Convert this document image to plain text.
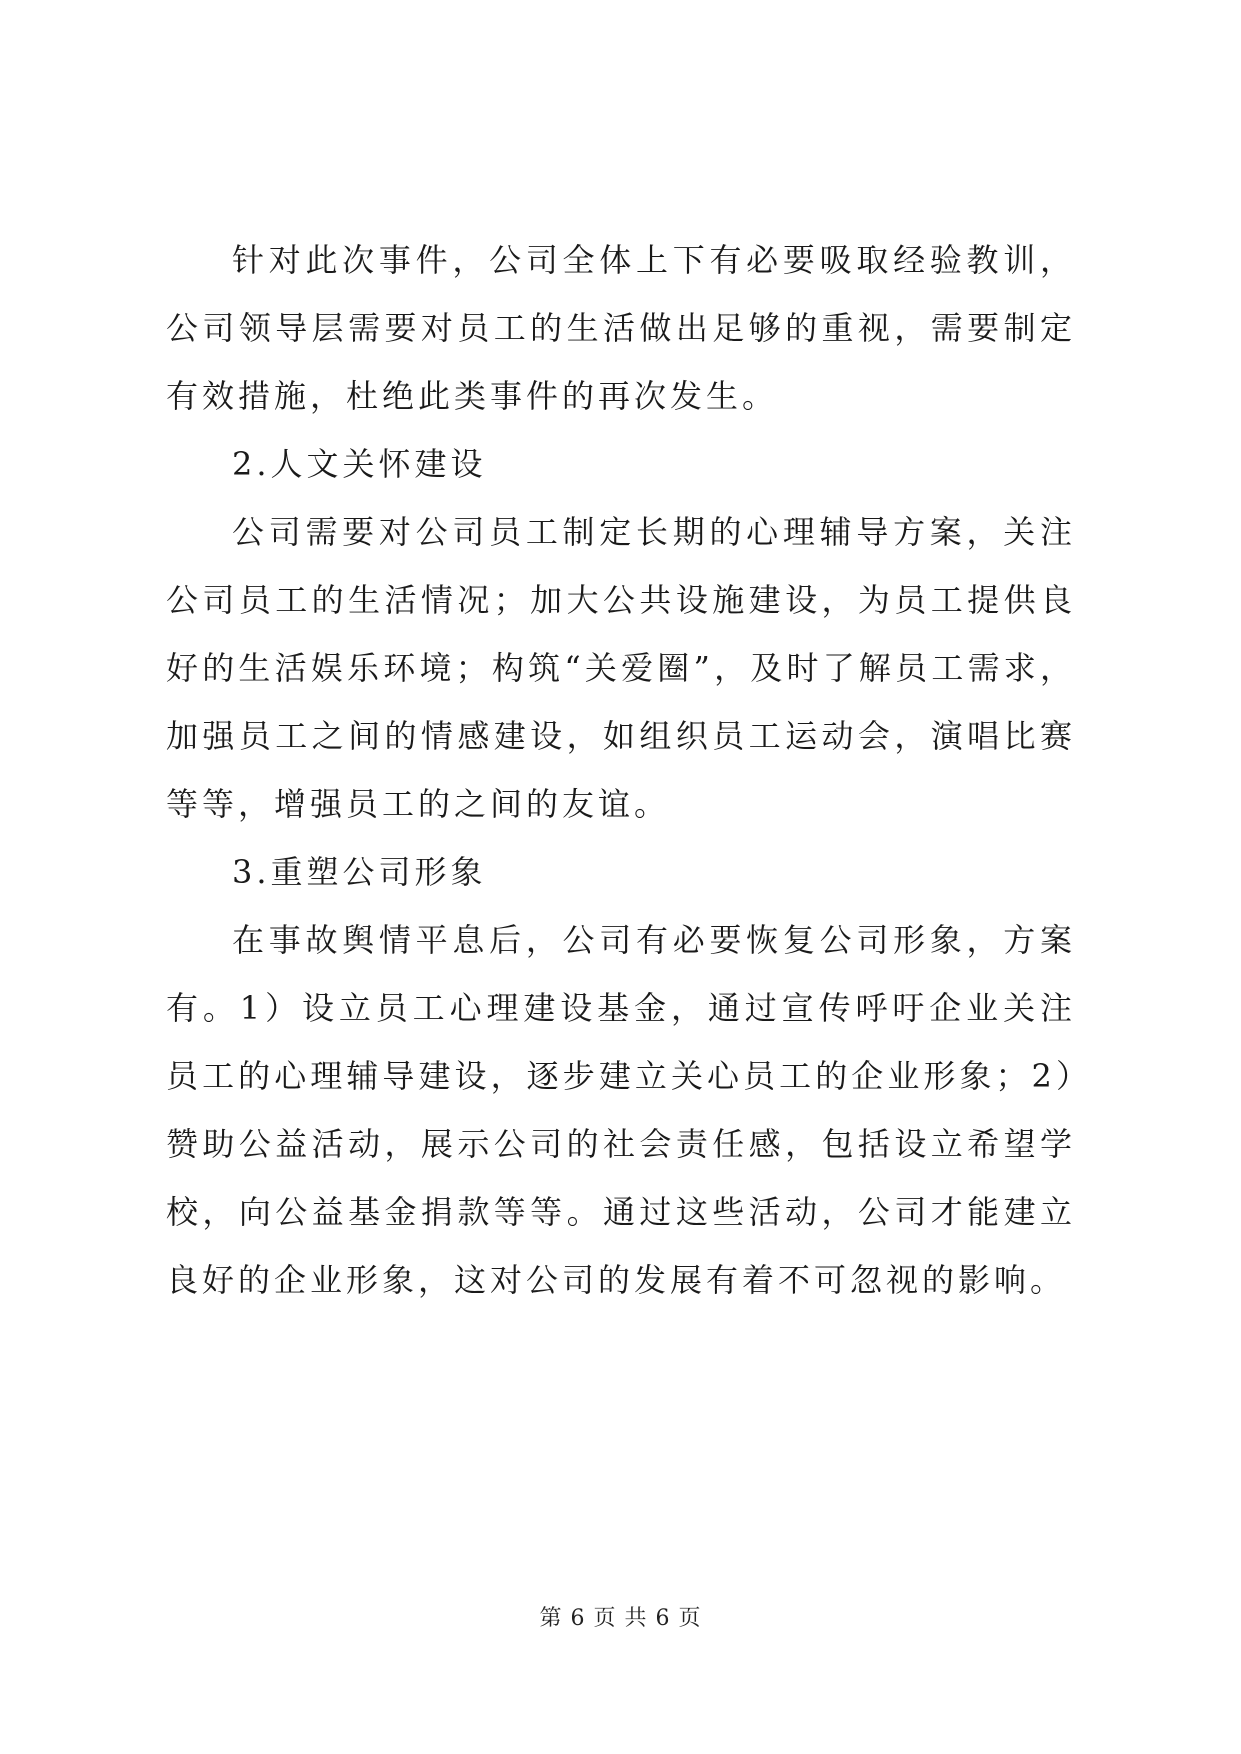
针对此次事件，公司全体上下有必要吸取经验教训，公司领导层需要对员工的生活做出足够的重视，需要制定有效措施，杜绝此类事件的再次发生。

2.人文关怀建设

公司需要对公司员工制定长期的心理辅导方案，关注公司员工的生活情况；加大公共设施建设，为员工提供良好的生活娱乐环境；构筑“关爱圈”，及时了解员工需求，加强员工之间的情感建设，如组织员工运动会，演唱比赛等等，增强员工的之间的友谊。

3.重塑公司形象

在事故舆情平息后，公司有必要恢复公司形象，方案有。1）设立员工心理建设基金，通过宣传呼吁企业关注员工的心理辅导建设，逐步建立关心员工的企业形象；2）赞助公益活动，展示公司的社会责任感，包括设立希望学校，向公益基金捐款等等。通过这些活动，公司才能建立良好的企业形象，这对公司的发展有着不可忽视的影响。

第 6 页 共 6 页
